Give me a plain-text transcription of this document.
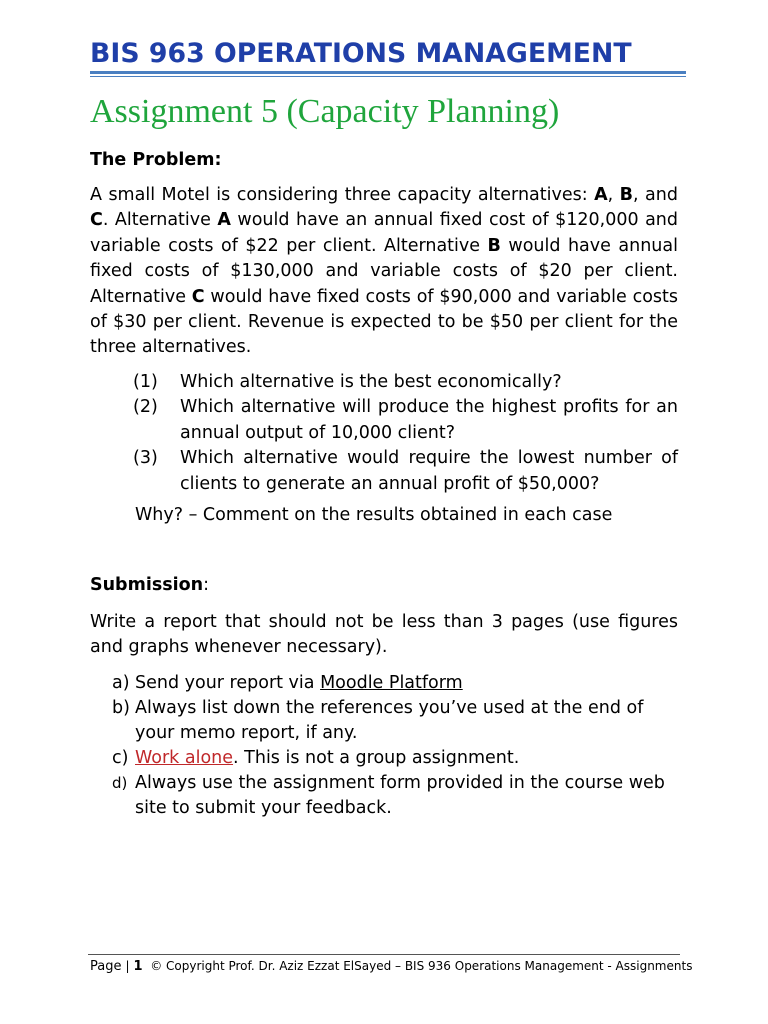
BIS 963 OPERATIONS MANAGEMENT
Assignment 5 (Capacity Planning)
The Problem:
A small Motel is considering three capacity alternatives: A, B, and C. Alternative A would have an annual fixed cost of $120,000 and variable costs of $22 per client. Alternative B would have annual fixed costs of $130,000 and variable costs of $20 per client. Alternative C would have fixed costs of $90,000 and variable costs of $30 per client. Revenue is expected to be $50 per client for the three alternatives.
(1)	Which alternative is the best economically?
(2)	Which alternative will produce the highest profits for an annual output of 10,000 client?
(3)	Which alternative would require the lowest number of clients to generate an annual profit of $50,000?
Why? – Comment on the results obtained in each case
Submission:
Write a report that should not be less than 3 pages (use figures and graphs whenever necessary).
a) Send your report via Moodle Platform
b) Always list down the references you’ve used at the end of your memo report, if any.
c) Work alone. This is not a group assignment.
d) Always use the assignment form provided in the course web site to submit your feedback.
Page | 1 © Copyright Prof. Dr. Aziz Ezzat ElSayed – BIS 936 Operations Management - Assignments
